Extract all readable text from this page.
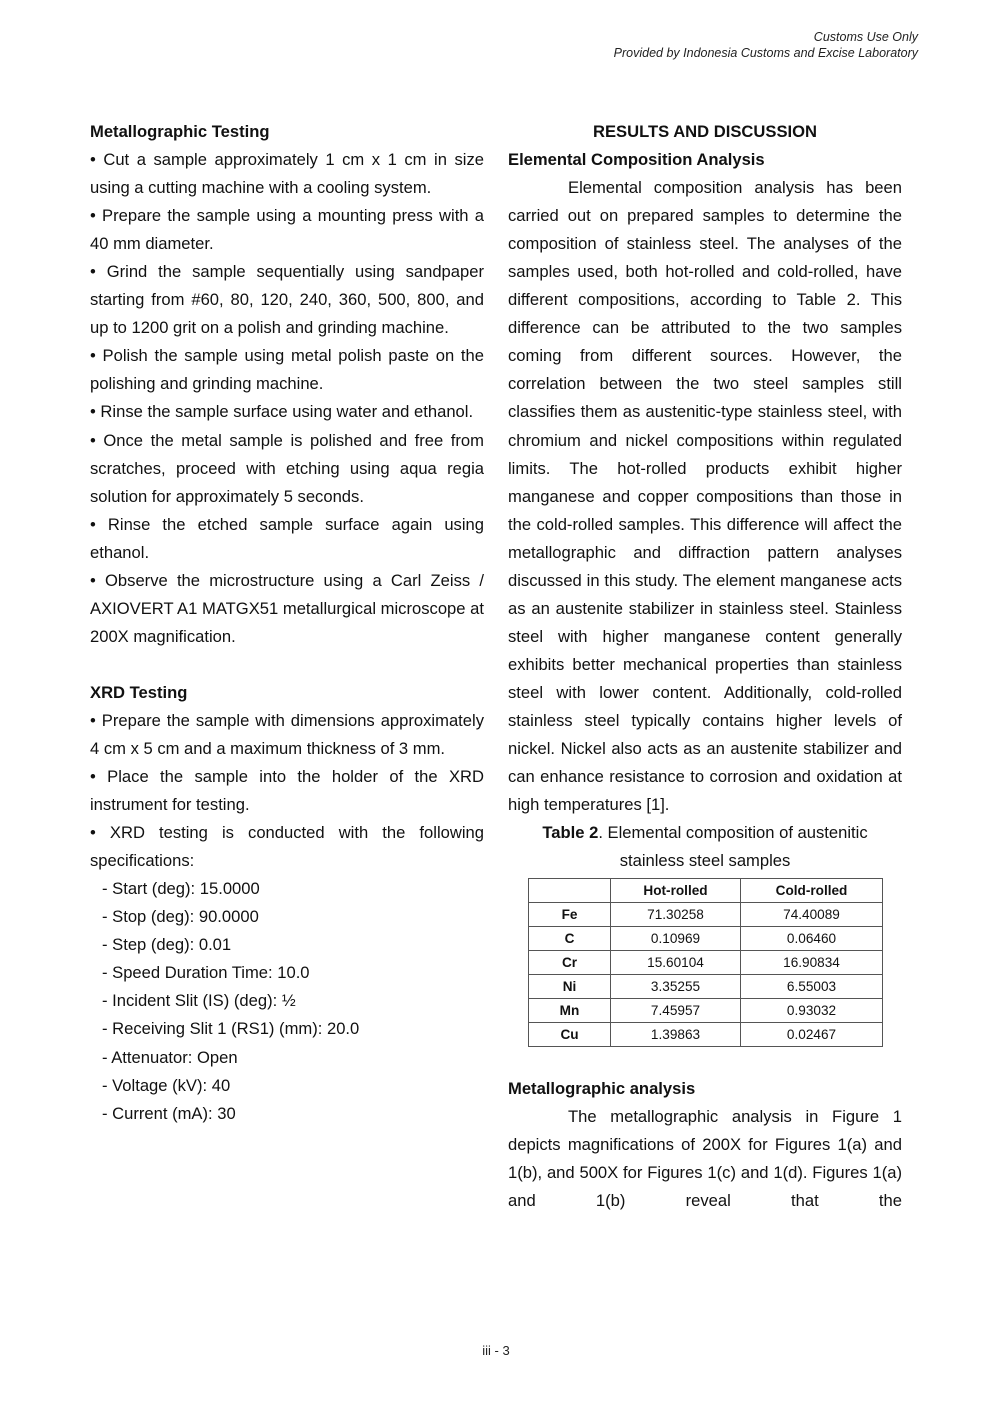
Customs Use Only
Provided by Indonesia Customs and Excise Laboratory
Metallographic Testing

• Cut a sample approximately 1 cm x 1 cm in size using a cutting machine with a cooling system.

• Prepare the sample using a mounting press with a 40 mm diameter.

• Grind the sample sequentially using sandpaper starting from #60, 80, 120, 240, 360, 500, 800, and up to 1200 grit on a polish and grinding machine.

• Polish the sample using metal polish paste on the polishing and grinding machine.

• Rinse the sample surface using water and ethanol.

• Once the metal sample is polished and free from scratches, proceed with etching using aqua regia solution for approximately 5 seconds.

• Rinse the etched sample surface again using ethanol.

• Observe the microstructure using a Carl Zeiss / AXIOVERT A1 MATGX51 metallurgical microscope at 200X magnification.

XRD Testing

• Prepare the sample with dimensions approximately 4 cm x 5 cm and a maximum thickness of 3 mm.

• Place the sample into the holder of the XRD instrument for testing.

• XRD testing is conducted with the following specifications:

- Start (deg): 15.0000
- Stop (deg): 90.0000
- Step (deg): 0.01
- Speed Duration Time: 10.0
- Incident Slit (IS) (deg): ½
- Receiving Slit 1 (RS1) (mm): 20.0
- Attenuator: Open
- Voltage (kV): 40
- Current (mA): 30
RESULTS AND DISCUSSION
Elemental Composition Analysis

Elemental composition analysis has been carried out on prepared samples to determine the composition of stainless steel. The analyses of the samples used, both hot-rolled and cold-rolled, have different compositions, according to Table 2. This difference can be attributed to the two samples coming from different sources. However, the correlation between the two steel samples still classifies them as austenitic-type stainless steel, with chromium and nickel compositions within regulated limits. The hot-rolled products exhibit higher manganese and copper compositions than those in the cold-rolled samples. This difference will affect the metallographic and diffraction pattern analyses discussed in this study. The element manganese acts as an austenite stabilizer in stainless steel. Stainless steel with higher manganese content generally exhibits better mechanical properties than stainless steel with lower content. Additionally, cold-rolled stainless steel typically contains higher levels of nickel. Nickel also acts as an austenite stabilizer and can enhance resistance to corrosion and oxidation at high temperatures [1].

Table 2. Elemental composition of austenitic stainless steel samples
	Hot-rolled	Cold-rolled
Fe	71.30258	74.40089
C	0.10969	0.06460
Cr	15.60104	16.90834
Ni	3.35255	6.55003
Mn	7.45957	0.93032
Cu	1.39863	0.02467
Metallographic analysis

The metallographic analysis in Figure 1 depicts magnifications of 200X for Figures 1(a) and 1(b), and 500X for Figures 1(c) and 1(d). Figures 1(a) and 1(b) reveal that the

iii - 3
